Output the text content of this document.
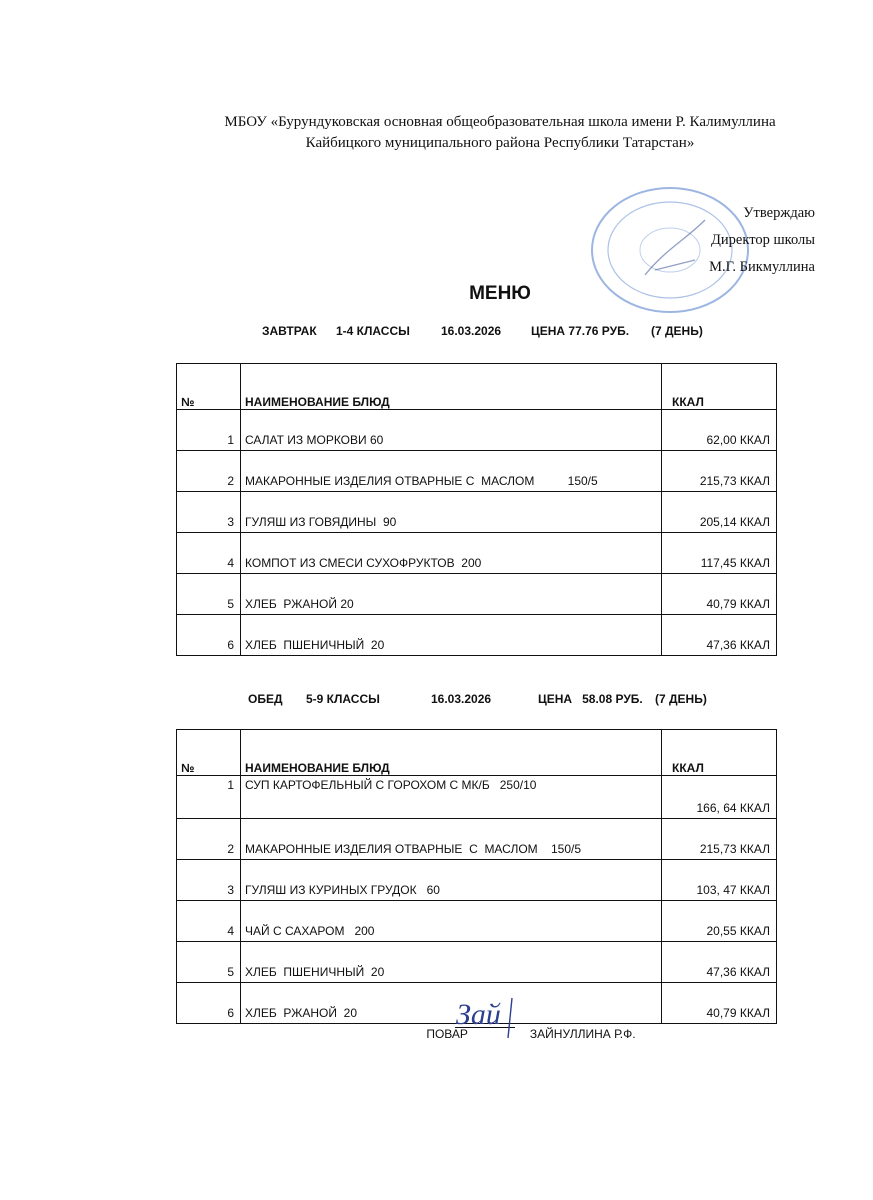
МБОУ «Бурундуковская основная общеобразовательная школа имени Р. Калимуллина
Кайбицкого муниципального района Республики Татарстан»
Утверждаю
Директор школы
М.Г. Бикмуллина
МЕНЮ
ЗАВТРАК 1-4 КЛАССЫ	16.03.2026 ЦЕНА 77.76 РУБ. (7 ДЕНЬ)
№	НАИМЕНОВАНИЕ БЛЮД	ККАЛ
1	САЛАТ ИЗ МОРКОВИ 60	62,00 ККАЛ
2	МАКАРОННЫЕ ИЗДЕЛИЯ ОТВАРНЫЕ С  МАСЛОМ          150/5	215,73 ККАЛ
3	ГУЛЯШ ИЗ ГОВЯДИНЫ  90	205,14 ККАЛ
4	КОМПОТ ИЗ СМЕСИ СУХОФРУКТОВ  200	117,45 ККАЛ
5	ХЛЕБ  РЖАНОЙ 20	40,79 ККАЛ
6	ХЛЕБ  ПШЕНИЧНЫЙ  20	47,36 ККАЛ
ОБЕД 5-9 КЛАССЫ	16.03.2026	ЦЕНА   58.08 РУБ. (7 ДЕНЬ)
№	НАИМЕНОВАНИЕ БЛЮД	ККАЛ
1	СУП КАРТОФЕЛЬНЫЙ С ГОРОХОМ С МК/Б   250/10	166, 64 ККАЛ
2	МАКАРОННЫЕ ИЗДЕЛИЯ ОТВАРНЫЕ  С  МАСЛОМ    150/5	215,73 ККАЛ
3	ГУЛЯШ ИЗ КУРИНЫХ ГРУДОК   60	103, 47 ККАЛ
4	ЧАЙ С САХАРОМ   200	20,55 ККАЛ
5	ХЛЕБ  ПШЕНИЧНЫЙ  20	47,36 ККАЛ
6	ХЛЕБ  РЖАНОЙ  20	40,79 ККАЛ

ПОВАР	ЗАЙНУЛЛИНА Р.Ф.

Зай
